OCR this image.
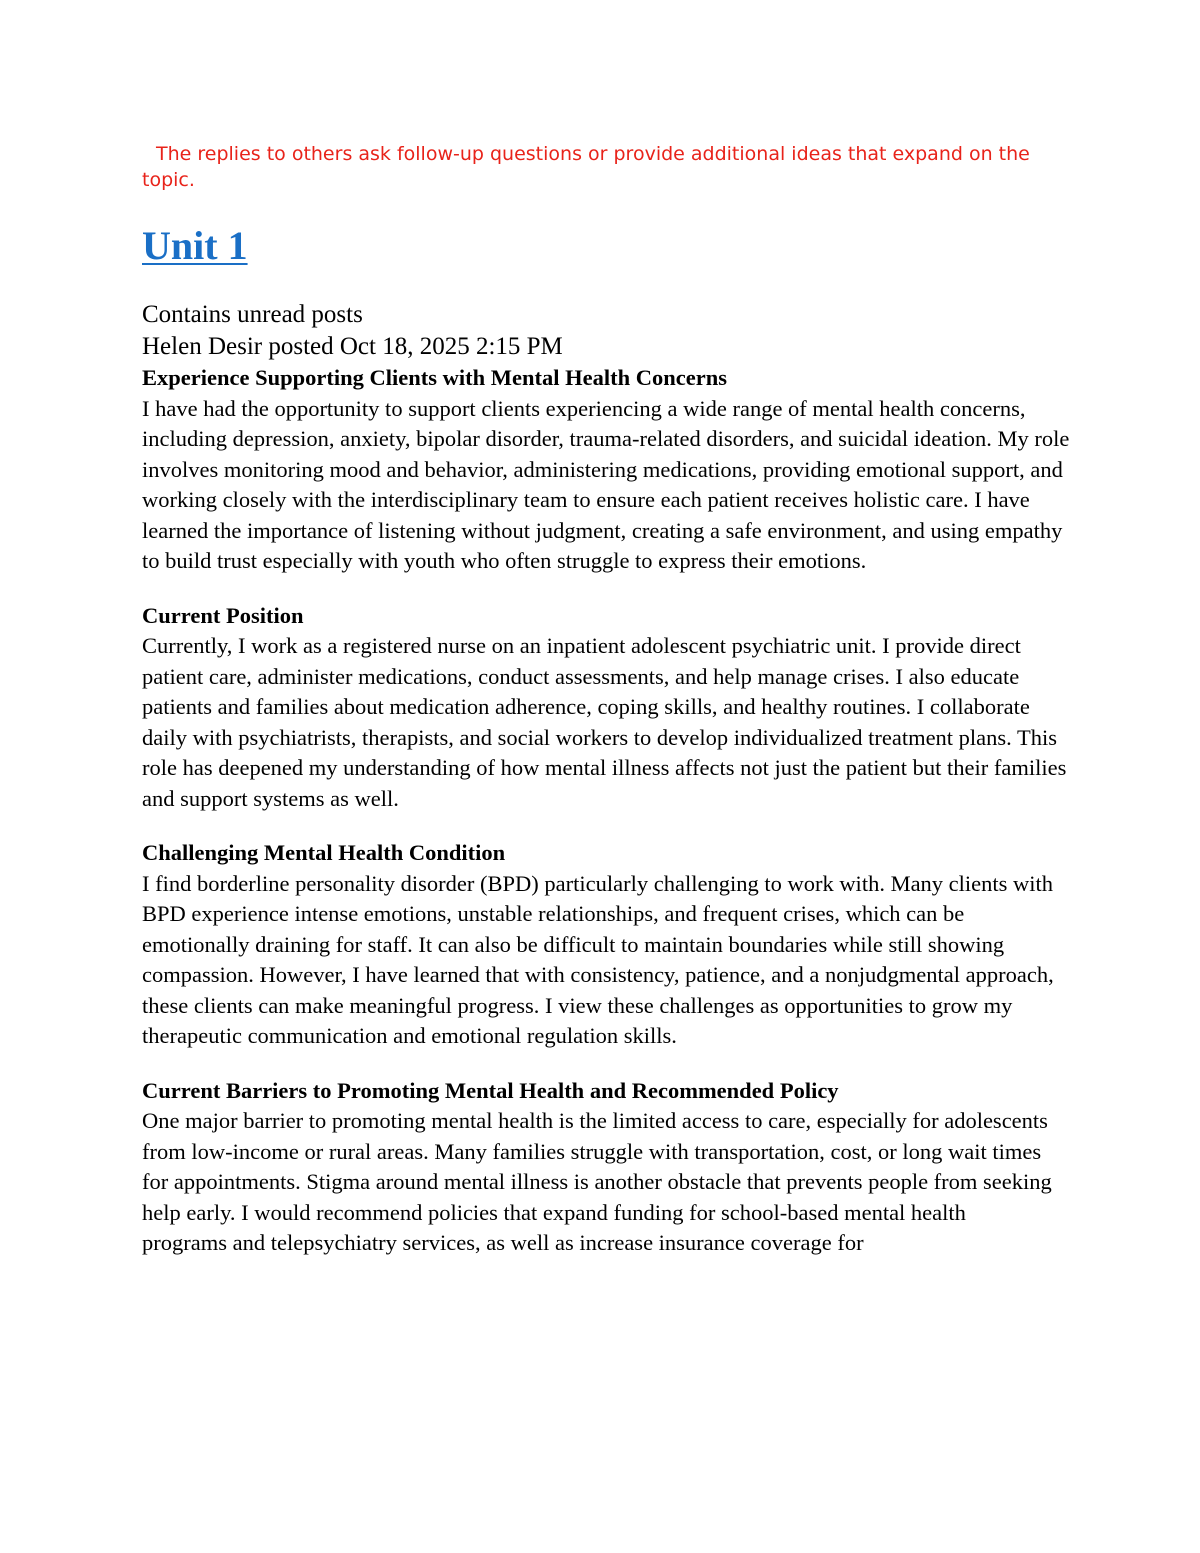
The replies to others ask follow-up questions or provide additional ideas that expand on the topic.

Unit 1

Contains unread posts

Helen Desir posted Oct 18, 2025 2:15 PM

Experience Supporting Clients with Mental Health Concerns

I have had the opportunity to support clients experiencing a wide range of mental health concerns, including depression, anxiety, bipolar disorder, trauma-related disorders, and suicidal ideation. My role involves monitoring mood and behavior, administering medications, providing emotional support, and working closely with the interdisciplinary team to ensure each patient receives holistic care. I have learned the importance of listening without judgment, creating a safe environment, and using empathy to build trust especially with youth who often struggle to express their emotions.

Current Position

Currently, I work as a registered nurse on an inpatient adolescent psychiatric unit. I provide direct patient care, administer medications, conduct assessments, and help manage crises. I also educate patients and families about medication adherence, coping skills, and healthy routines. I collaborate daily with psychiatrists, therapists, and social workers to develop individualized treatment plans. This role has deepened my understanding of how mental illness affects not just the patient but their families and support systems as well.

Challenging Mental Health Condition

I find borderline personality disorder (BPD) particularly challenging to work with. Many clients with BPD experience intense emotions, unstable relationships, and frequent crises, which can be emotionally draining for staff. It can also be difficult to maintain boundaries while still showing compassion. However, I have learned that with consistency, patience, and a nonjudgmental approach, these clients can make meaningful progress. I view these challenges as opportunities to grow my therapeutic communication and emotional regulation skills.

Current Barriers to Promoting Mental Health and Recommended Policy

One major barrier to promoting mental health is the limited access to care, especially for adolescents from low-income or rural areas. Many families struggle with transportation, cost, or long wait times for appointments. Stigma around mental illness is another obstacle that prevents people from seeking help early. I would recommend policies that expand funding for school-based mental health

programs and telepsychiatry services, as well as increase insurance coverage for
